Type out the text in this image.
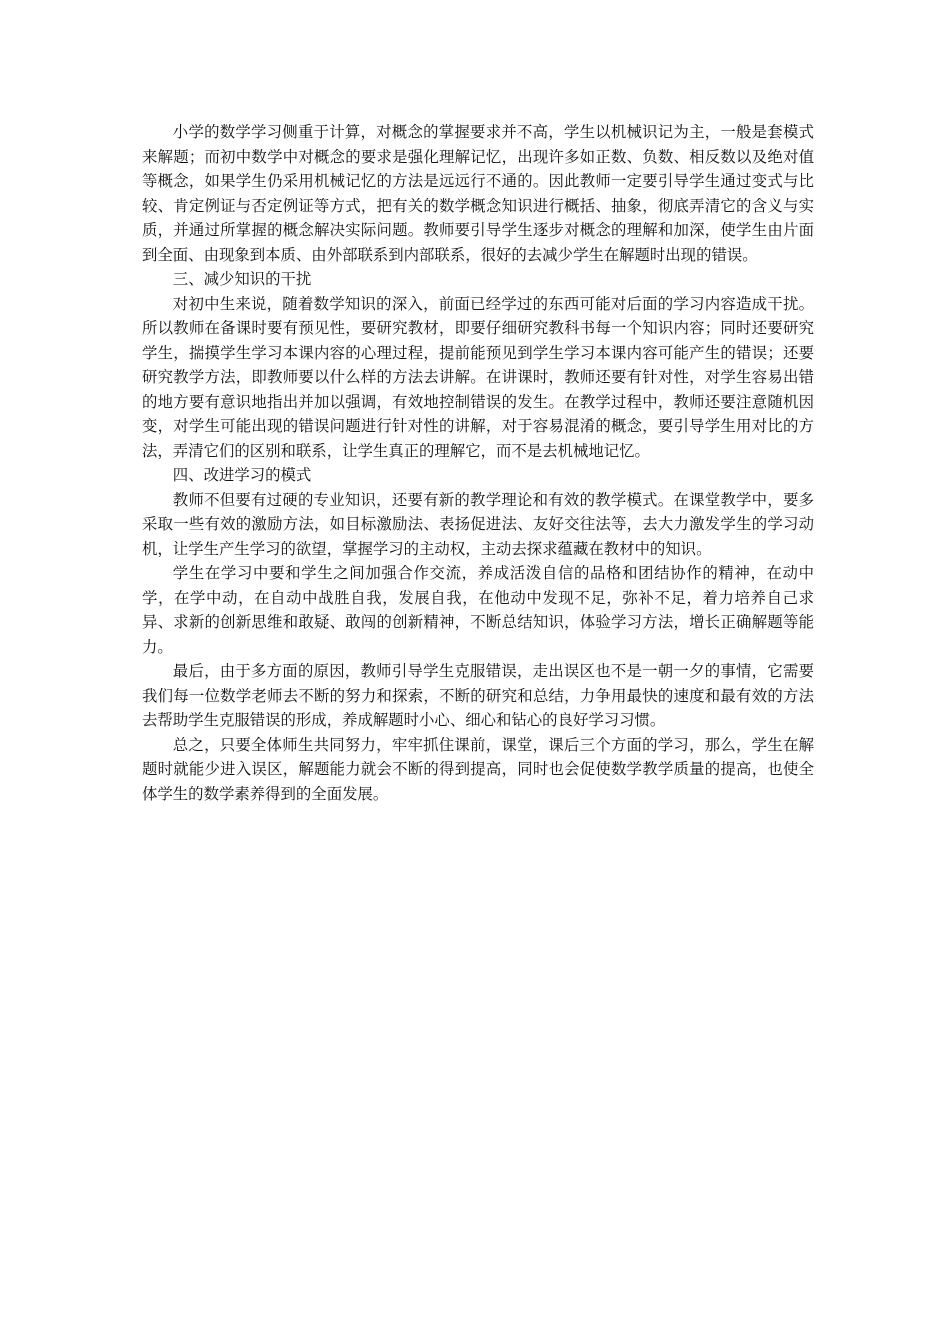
小学的数学学习侧重于计算，对概念的掌握要求并不高，学生以机械识记为主，一般是套模式来解题；而初中数学中对概念的要求是强化理解记忆，出现许多如正数、负数、相反数以及绝对值等概念，如果学生仍采用机械记忆的方法是远远行不通的。因此教师一定要引导学生通过变式与比较、肯定例证与否定例证等方式，把有关的数学概念知识进行概括、抽象，彻底弄清它的含义与实质，并通过所掌握的概念解决实际问题。教师要引导学生逐步对概念的理解和加深，使学生由片面到全面、由现象到本质、由外部联系到内部联系，很好的去减少学生在解题时出现的错误。

三、减少知识的干扰

对初中生来说，随着数学知识的深入，前面已经学过的东西可能对后面的学习内容造成干扰。所以教师在备课时要有预见性，要研究教材，即要仔细研究教科书每一个知识内容；同时还要研究学生，揣摸学生学习本课内容的心理过程，提前能预见到学生学习本课内容可能产生的错误；还要研究教学方法，即教师要以什么样的方法去讲解。在讲课时，教师还要有针对性，对学生容易出错的地方要有意识地指出并加以强调，有效地控制错误的发生。在教学过程中，教师还要注意随机因变，对学生可能出现的错误问题进行针对性的讲解，对于容易混淆的概念，要引导学生用对比的方法，弄清它们的区别和联系，让学生真正的理解它，而不是去机械地记忆。

四、改进学习的模式

教师不但要有过硬的专业知识，还要有新的教学理论和有效的教学模式。在课堂教学中，要多采取一些有效的激励方法，如目标激励法、表扬促进法、友好交往法等，去大力激发学生的学习动机，让学生产生学习的欲望，掌握学习的主动权，主动去探求蕴藏在教材中的知识。

学生在学习中要和学生之间加强合作交流，养成活泼自信的品格和团结协作的精神，在动中学，在学中动，在自动中战胜自我，发展自我，在他动中发现不足，弥补不足，着力培养自己求异、求新的创新思维和敢疑、敢闯的创新精神，不断总结知识，体验学习方法，增长正确解题等能力。

最后，由于多方面的原因，教师引导学生克服错误，走出误区也不是一朝一夕的事情，它需要我们每一位数学老师去不断的努力和探索，不断的研究和总结，力争用最快的速度和最有效的方法去帮助学生克服错误的形成，养成解题时小心、细心和钻心的良好学习习惯。

总之，只要全体师生共同努力，牢牢抓住课前，课堂，课后三个方面的学习，那么，学生在解题时就能少进入误区，解题能力就会不断的得到提高，同时也会促使数学教学质量的提高，也使全体学生的数学素养得到的全面发展。
